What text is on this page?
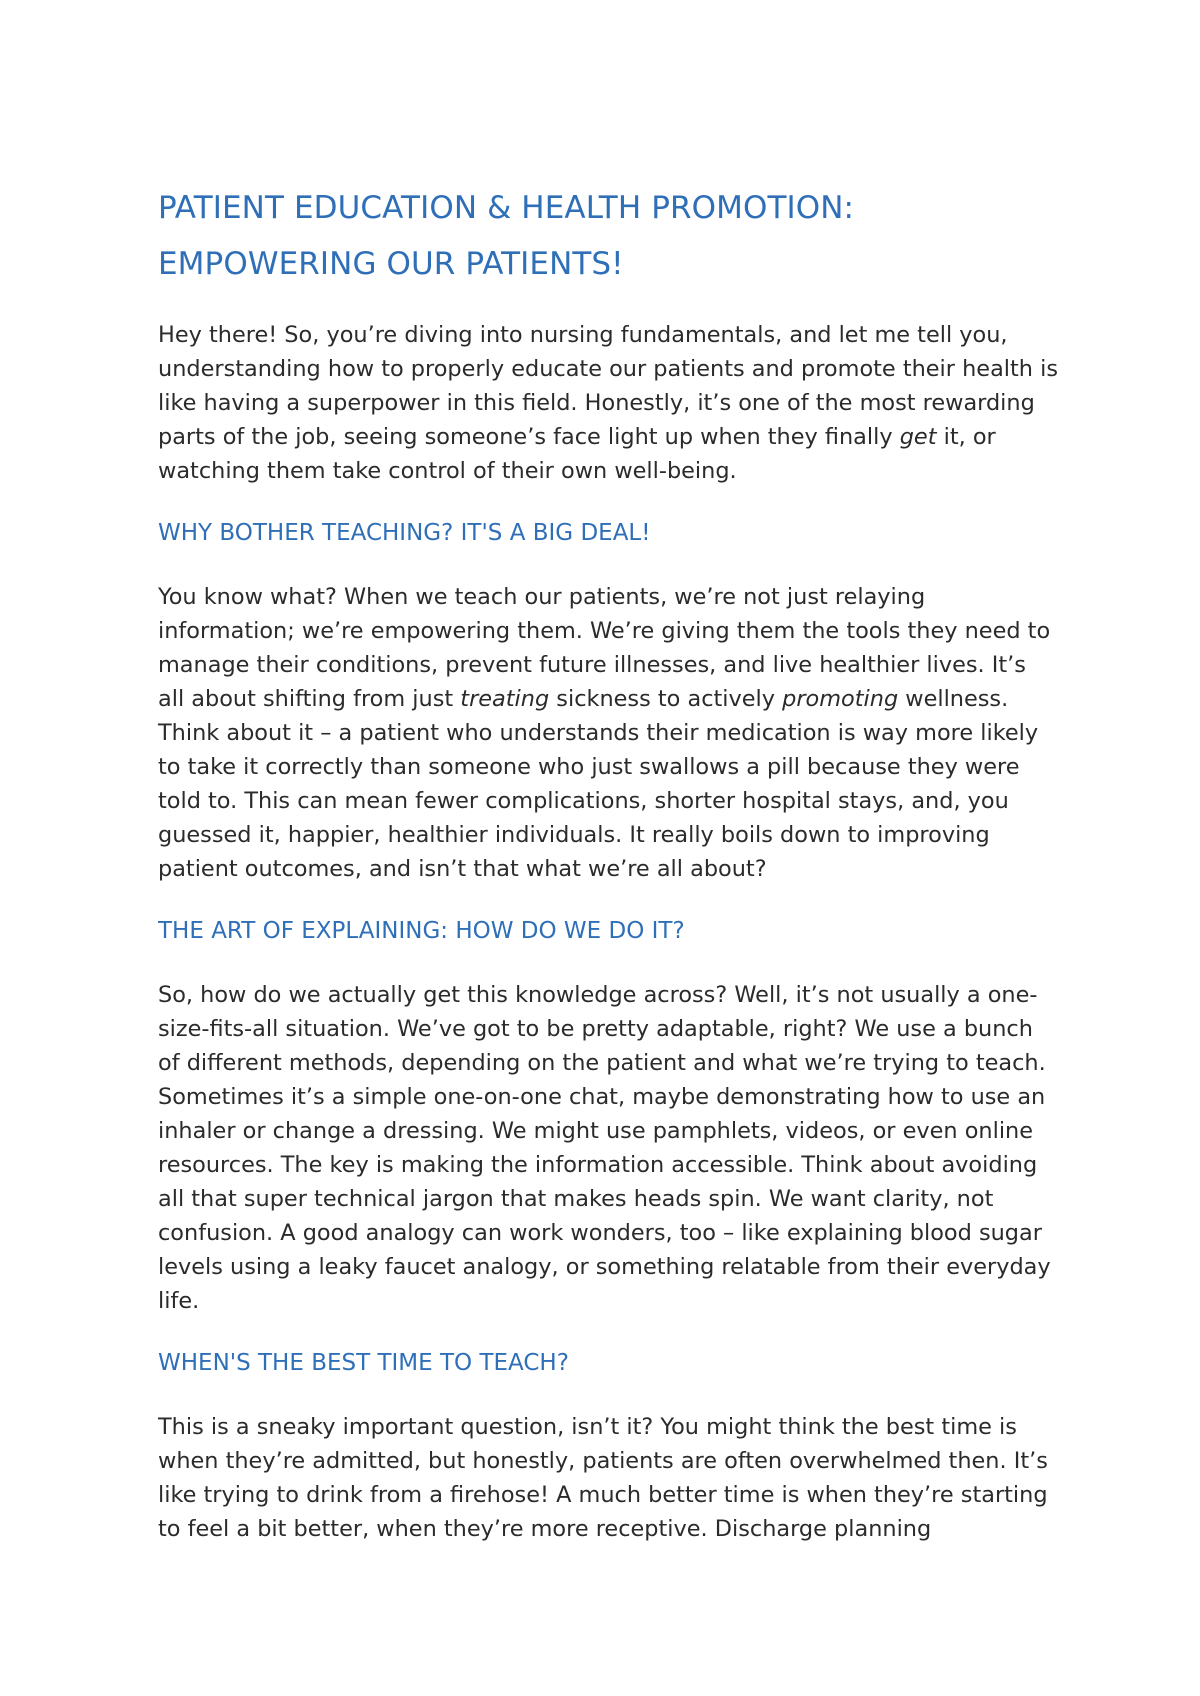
PATIENT EDUCATION & HEALTH PROMOTION:
EMPOWERING OUR PATIENTS!

Hey there! So, you’re diving into nursing fundamentals, and let me tell you, understanding how to properly educate our patients and promote their health is like having a superpower in this field. Honestly, it’s one of the most rewarding parts of the job, seeing someone’s face light up when they finally get it, or watching them take control of their own well-being.

WHY BOTHER TEACHING? IT'S A BIG DEAL!

You know what? When we teach our patients, we’re not just relaying information; we’re empowering them. We’re giving them the tools they need to manage their conditions, prevent future illnesses, and live healthier lives. It’s all about shifting from just treating sickness to actively promoting wellness. Think about it – a patient who understands their medication is way more likely to take it correctly than someone who just swallows a pill because they were told to. This can mean fewer complications, shorter hospital stays, and, you guessed it, happier, healthier individuals. It really boils down to improving patient outcomes, and isn’t that what we’re all about?

THE ART OF EXPLAINING: HOW DO WE DO IT?

So, how do we actually get this knowledge across? Well, it’s not usually a one-size-fits-all situation. We’ve got to be pretty adaptable, right? We use a bunch of different methods, depending on the patient and what we’re trying to teach. Sometimes it’s a simple one-on-one chat, maybe demonstrating how to use an inhaler or change a dressing. We might use pamphlets, videos, or even online resources. The key is making the information accessible. Think about avoiding all that super technical jargon that makes heads spin. We want clarity, not confusion. A good analogy can work wonders, too – like explaining blood sugar levels using a leaky faucet analogy, or something relatable from their everyday life.

WHEN'S THE BEST TIME TO TEACH?

This is a sneaky important question, isn’t it? You might think the best time is when they’re admitted, but honestly, patients are often overwhelmed then. It’s like trying to drink from a firehose! A much better time is when they’re starting to feel a bit better, when they’re more receptive. Discharge planning
